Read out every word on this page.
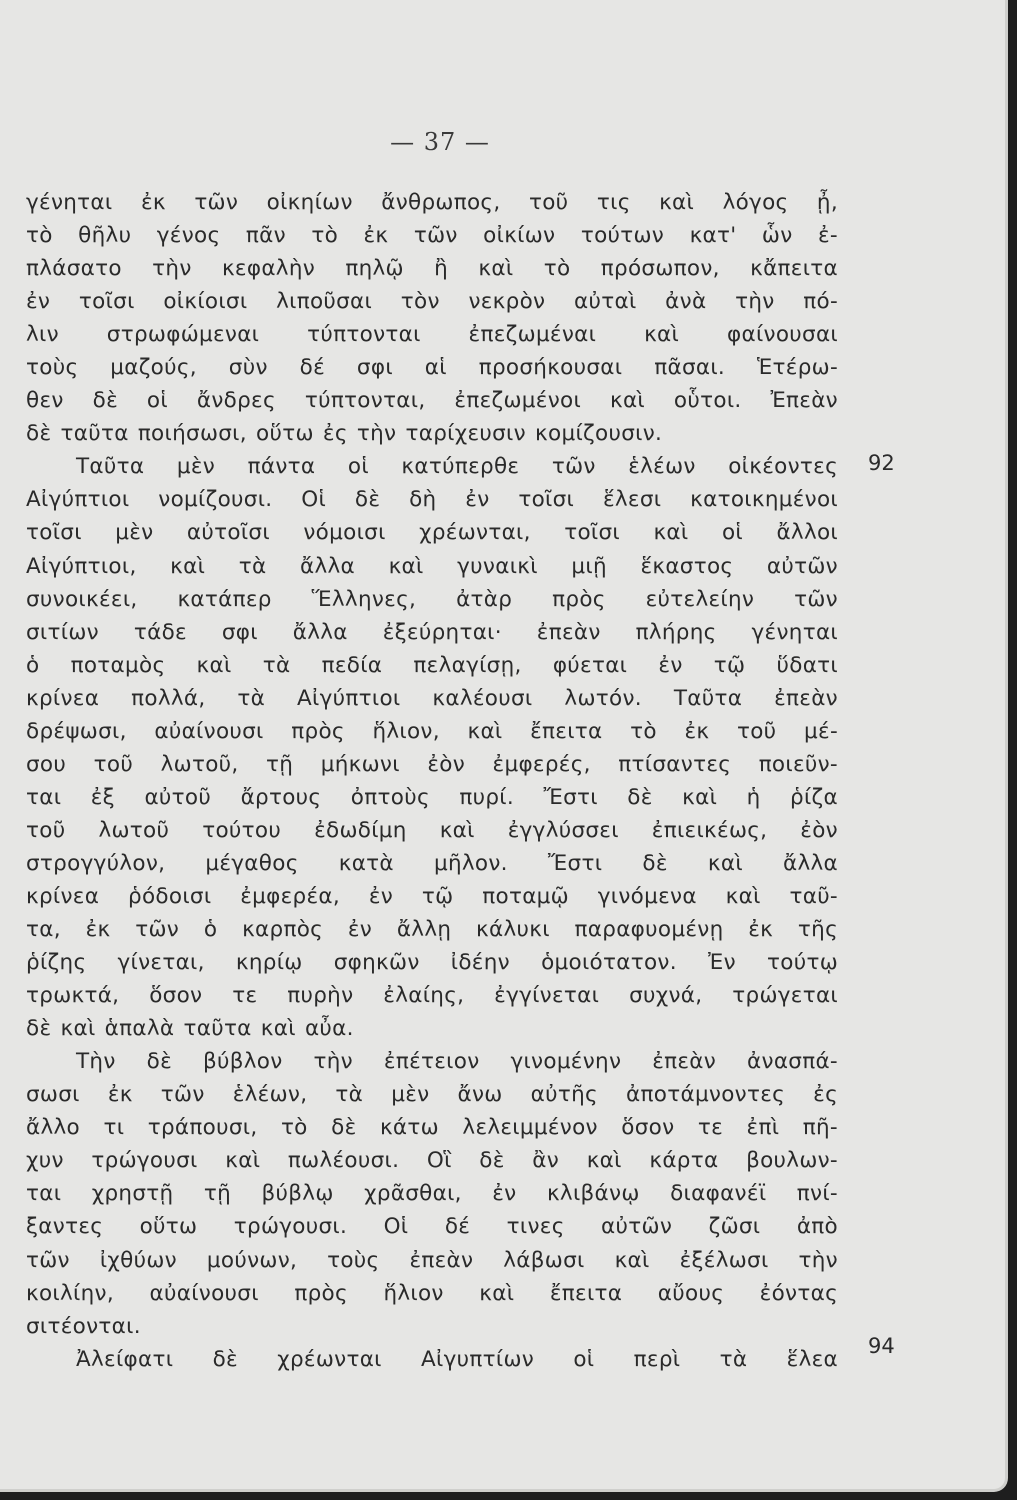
— 37 —
γένηται ἐκ τῶν οἰκηίων ἄνθρωπος, τοῦ τις καὶ λόγος ᾖ,
τὸ θῆλυ γένος πᾶν τὸ ἐκ τῶν οἰκίων τούτων κατ' ὧν ἐ-
πλάσατο τὴν κεφαλὴν πηλῷ ἢ καὶ τὸ πρόσωπον, κἄπειτα
ἐν τοῖσι οἰκίοισι λιποῦσαι τὸν νεκρὸν αὐταὶ ἀνὰ τὴν πό-
λιν στρωφώμεναι τύπτονται ἐπεζωμέναι καὶ φαίνουσαι
τοὺς μαζούς, σὺν δέ σφι αἱ προσήκουσαι πᾶσαι. Ἑτέρω-
θεν δὲ οἱ ἄνδρες τύπτονται, ἐπεζωμένοι καὶ οὗτοι. Ἐπεὰν
δὲ ταῦτα ποιήσωσι, οὕτω ἐς τὴν ταρίχευσιν κομίζουσιν.
Ταῦτα μὲν πάντα οἱ κατύπερθε τῶν ἑλέων οἰκέοντες
Αἰγύπτιοι νομίζουσι. Οἱ δὲ δὴ ἐν τοῖσι ἕλεσι κατοικημένοι
τοῖσι μὲν αὐτοῖσι νόμοισι χρέωνται, τοῖσι καὶ οἱ ἄλλοι
Αἰγύπτιοι, καὶ τὰ ἄλλα καὶ γυναικὶ μιῇ ἕκαστος αὐτῶν
συνοικέει, κατάπερ Ἕλληνες, ἀτὰρ πρὸς εὐτελείην τῶν
σιτίων τάδε σφι ἄλλα ἐξεύρηται· ἐπεὰν πλήρης γένηται
ὁ ποταμὸς καὶ τὰ πεδία πελαγίσῃ, φύεται ἐν τῷ ὕδατι
κρίνεα πολλά, τὰ Αἰγύπτιοι καλέουσι λωτόν. Ταῦτα ἐπεὰν
δρέψωσι, αὐαίνουσι πρὸς ἥλιον, καὶ ἔπειτα τὸ ἐκ τοῦ μέ-
σου τοῦ λωτοῦ, τῇ μήκωνι ἐὸν ἐμφερές, πτίσαντες ποιεῦν-
ται ἐξ αὐτοῦ ἄρτους ὀπτοὺς πυρί. Ἔστι δὲ καὶ ἡ ῥίζα
τοῦ λωτοῦ τούτου ἐδωδίμη καὶ ἐγγλύσσει ἐπιεικέως, ἐὸν
στρογγύλον, μέγαθος κατὰ μῆλον. Ἔστι δὲ καὶ ἄλλα
κρίνεα ῥόδοισι ἐμφερέα, ἐν τῷ ποταμῷ γινόμενα καὶ ταῦ-
τα, ἐκ τῶν ὁ καρπὸς ἐν ἄλλῃ κάλυκι παραφυομένῃ ἐκ τῆς
ῥίζης γίνεται, κηρίῳ σφηκῶν ἰδέην ὁμοιότατον. Ἐν τούτῳ
τρωκτά, ὅσον τε πυρὴν ἐλαίης, ἐγγίνεται συχνά, τρώγεται
δὲ καὶ ἁπαλὰ ταῦτα καὶ αὖα.
Τὴν δὲ βύβλον τὴν ἐπέτειον γινομένην ἐπεὰν ἀνασπά-
σωσι ἐκ τῶν ἑλέων, τὰ μὲν ἄνω αὐτῆς ἀποτάμνοντες ἐς
ἄλλο τι τράπουσι, τὸ δὲ κάτω λελειμμένον ὅσον τε ἐπὶ πῆ-
χυν τρώγουσι καὶ πωλέουσι. Οἳ δὲ ἂν καὶ κάρτα βουλων-
ται χρηστῇ τῇ βύβλῳ χρᾶσθαι, ἐν κλιβάνῳ διαφανέϊ πνί-
ξαντες οὕτω τρώγουσι. Οἱ δέ τινες αὐτῶν ζῶσι ἀπὸ
τῶν ἰχθύων μούνων, τοὺς ἐπεὰν λάβωσι καὶ ἐξέλωσι τὴν
κοιλίην, αὐαίνουσι πρὸς ἥλιον καὶ ἔπειτα αὔους ἐόντας
σιτέονται.
Ἀλείφατι δὲ χρέωνται Αἰγυπτίων οἱ περὶ τὰ ἕλεα
92
94
